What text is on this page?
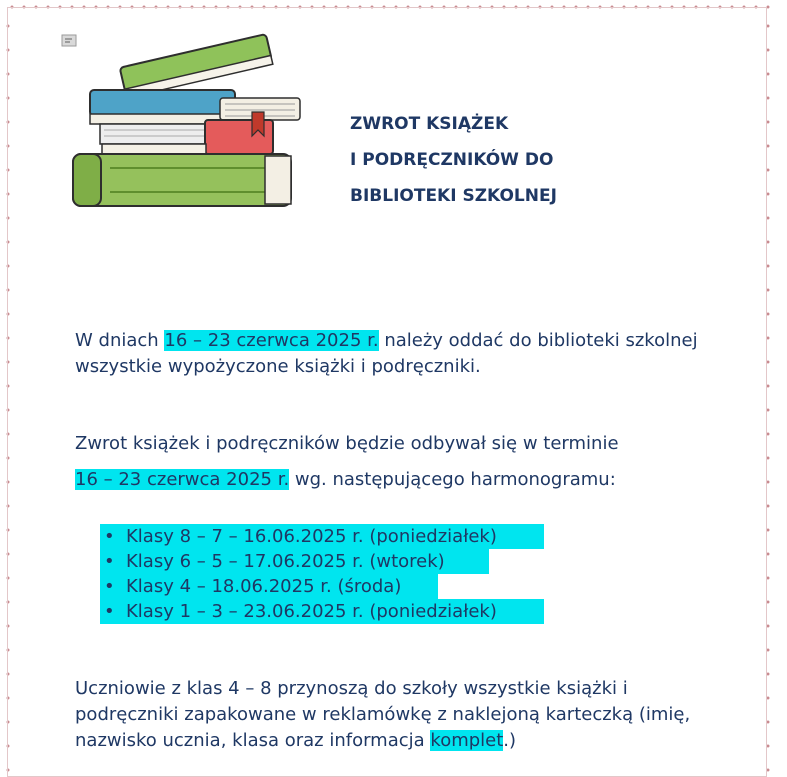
ZWROT KSIĄŻEK
I PODRĘCZNIKÓW DO
BIBLIOTEKI SZKOLNEJ
W dniach 16 – 23 czerwca 2025 r. należy oddać do biblioteki szkolnej wszystkie wypożyczone książki i podręczniki.
Zwrot książek i podręczników będzie odbywał się w terminie
16 – 23 czerwca 2025 r. wg. następującego harmonogramu:
• Klasy 8 – 7 – 16.06.2025 r. (poniedziałek)
• Klasy 6 – 5 – 17.06.2025 r. (wtorek)
• Klasy 4 – 18.06.2025 r. (środa)
• Klasy 1 – 3 – 23.06.2025 r. (poniedziałek)
Uczniowie z klas 4 – 8 przynoszą do szkoły wszystkie książki i podręczniki zapakowane w reklamówkę z naklejoną karteczką (imię, nazwisko ucznia, klasa oraz informacja komplet.)
